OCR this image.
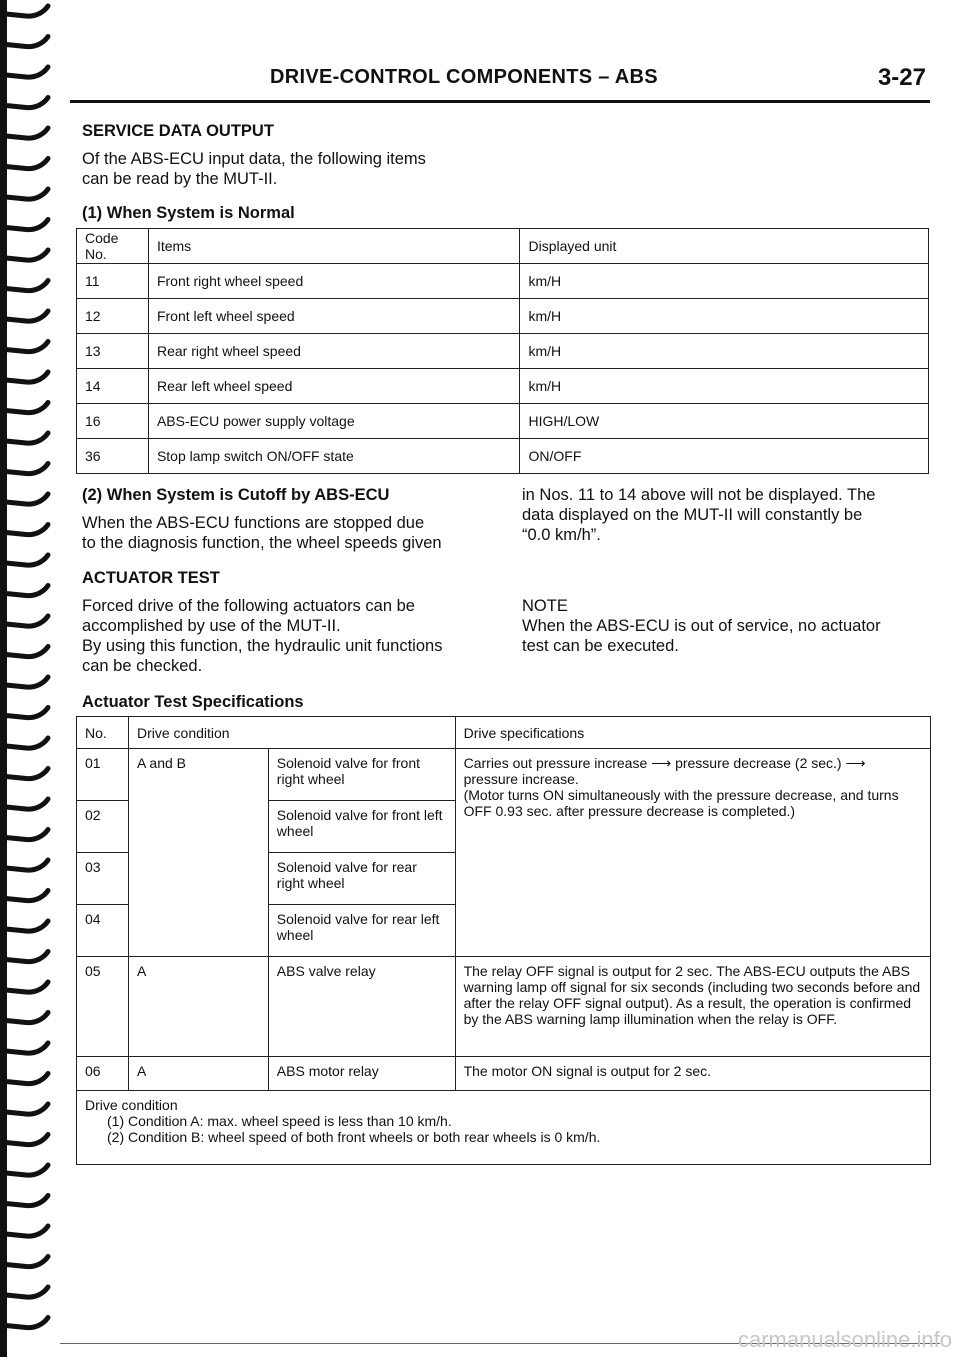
DRIVE-CONTROL COMPONENTS – ABS	3-27
SERVICE DATA OUTPUT
Of the ABS-ECU input data, the following items
can be read by the MUT-II.
(1) When System is Normal
Code No.	Items	Displayed unit
11	Front right wheel speed	km/H
12	Front left wheel speed	km/H
13	Rear right wheel speed	km/H
14	Rear left wheel speed	km/H
16	ABS-ECU power supply voltage	HIGH/LOW
36	Stop lamp switch ON/OFF state	ON/OFF
(2) When System is Cutoff by ABS-ECU
When the ABS-ECU functions are stopped due
to the diagnosis function, the wheel speeds given
in Nos. 11 to 14 above will not be displayed. The
data displayed on the MUT-II will constantly be
“0.0 km/h”.
ACTUATOR TEST
Forced drive of the following actuators can be
accomplished by use of the MUT-II.
By using this function, the hydraulic unit functions
can be checked.
NOTE
When the ABS-ECU is out of service, no actuator
test can be executed.
Actuator Test Specifications
No.	Drive condition		Drive specifications
01	A and B	Solenoid valve for front right wheel	Carries out pressure increase ⟶ pressure decrease (2 sec.) ⟶ pressure increase.
(Motor turns ON simultaneously with the pressure decrease, and turns OFF 0.93 sec. after pressure decrease is completed.)

02		Solenoid valve for front left wheel	
03		Solenoid valve for rear right wheel	
04		Solenoid valve for rear left wheel	
05	A	ABS valve relay	The relay OFF signal is output for 2 sec. The ABS-ECU outputs the ABS warning lamp off signal for six seconds (including two seconds before and after the relay OFF signal output). As a result, the operation is confirmed by the ABS warning lamp illumination when the relay is OFF.
06	A	ABS motor relay	The motor ON signal is output for 2 sec.

Drive condition
(1) Condition A: max. wheel speed is less than 10 km/h.
(2) Condition B: wheel speed of both front wheels or both rear wheels is 0 km/h.			
carmanualsonline.info
